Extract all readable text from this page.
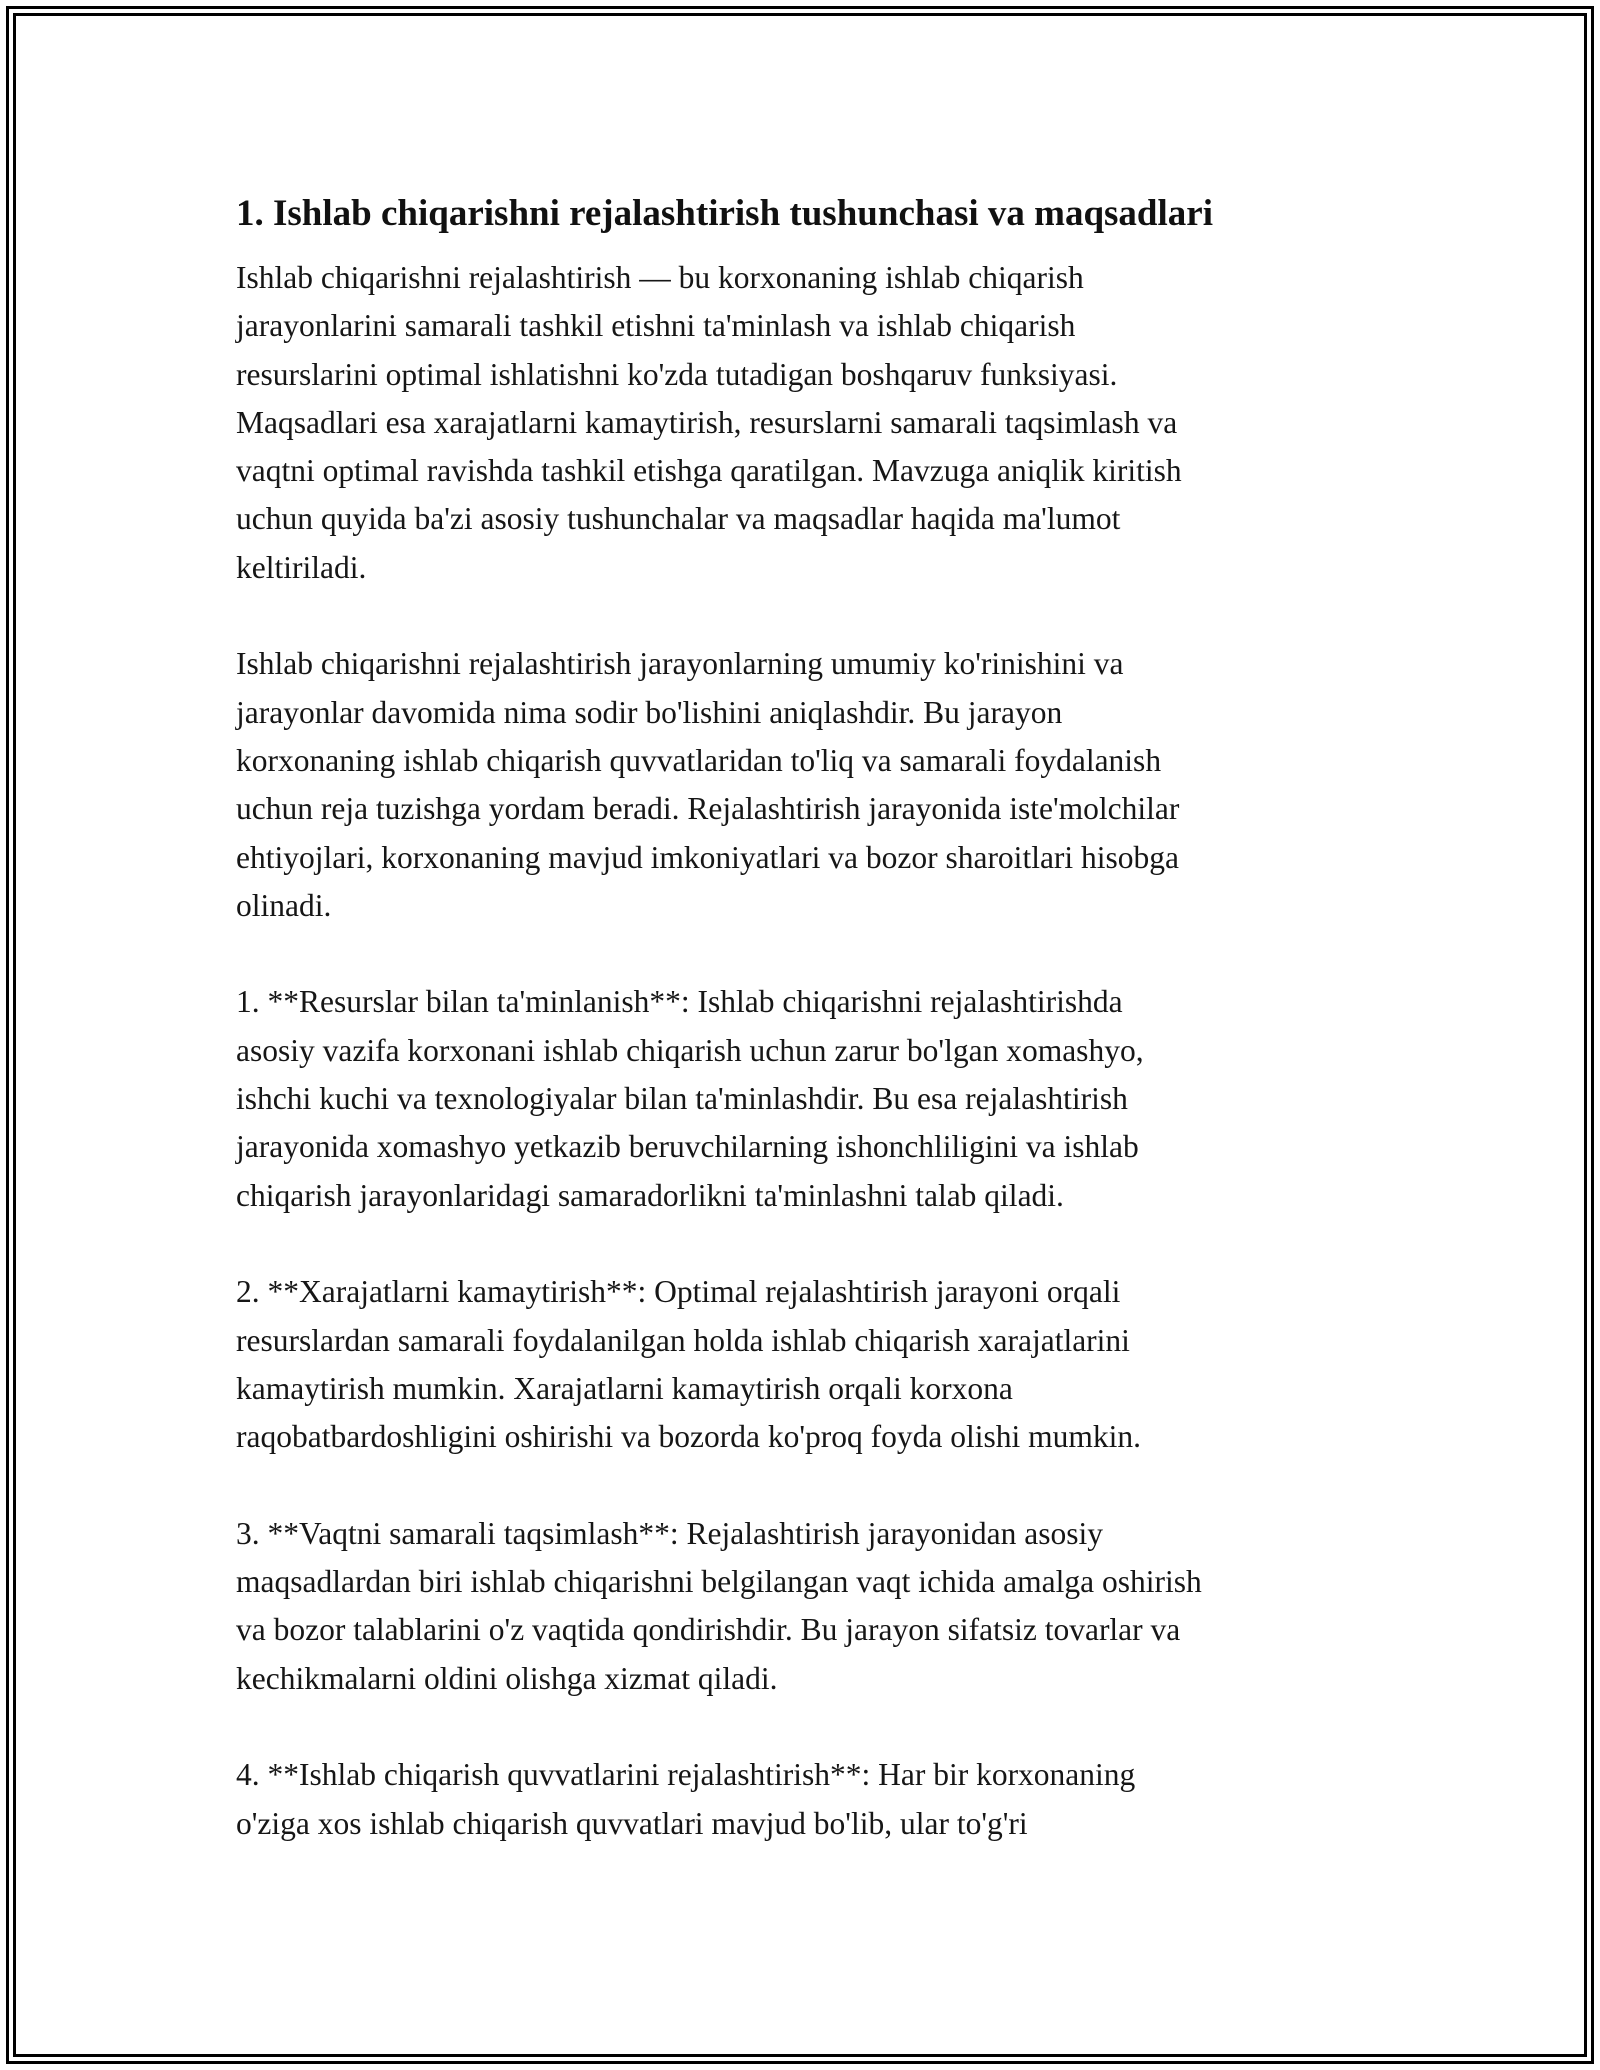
1. Ishlab chiqarishni rejalashtirish tushunchasi va maqsadlari

Ishlab chiqarishni rejalashtirish — bu korxonaning ishlab chiqarish
jarayonlarini samarali tashkil etishni ta'minlash va ishlab chiqarish
resurslarini optimal ishlatishni ko'zda tutadigan boshqaruv funksiyasi.
Maqsadlari esa xarajatlarni kamaytirish, resurslarni samarali taqsimlash va
vaqtni optimal ravishda tashkil etishga qaratilgan. Mavzuga aniqlik kiritish
uchun quyida ba'zi asosiy tushunchalar va maqsadlar haqida ma'lumot
keltiriladi.

Ishlab chiqarishni rejalashtirish jarayonlarning umumiy ko'rinishini va
jarayonlar davomida nima sodir bo'lishini aniqlashdir. Bu jarayon
korxonaning ishlab chiqarish quvvatlaridan to'liq va samarali foydalanish
uchun reja tuzishga yordam beradi. Rejalashtirish jarayonida iste'molchilar
ehtiyojlari, korxonaning mavjud imkoniyatlari va bozor sharoitlari hisobga
olinadi.

1. **Resurslar bilan ta'minlanish**: Ishlab chiqarishni rejalashtirishda
asosiy vazifa korxonani ishlab chiqarish uchun zarur bo'lgan xomashyo,
ishchi kuchi va texnologiyalar bilan ta'minlashdir. Bu esa rejalashtirish
jarayonida xomashyo yetkazib beruvchilarning ishonchliligini va ishlab
chiqarish jarayonlaridagi samaradorlikni ta'minlashni talab qiladi.

2. **Xarajatlarni kamaytirish**: Optimal rejalashtirish jarayoni orqali
resurslardan samarali foydalanilgan holda ishlab chiqarish xarajatlarini
kamaytirish mumkin. Xarajatlarni kamaytirish orqali korxona
raqobatbardoshligini oshirishi va bozorda ko'proq foyda olishi mumkin.

3. **Vaqtni samarali taqsimlash**: Rejalashtirish jarayonidan asosiy
maqsadlardan biri ishlab chiqarishni belgilangan vaqt ichida amalga oshirish
va bozor talablarini o'z vaqtida qondirishdir. Bu jarayon sifatsiz tovarlar va
kechikmalarni oldini olishga xizmat qiladi.

4. **Ishlab chiqarish quvvatlarini rejalashtirish**: Har bir korxonaning
o'ziga xos ishlab chiqarish quvvatlari mavjud bo'lib, ular to'g'ri
